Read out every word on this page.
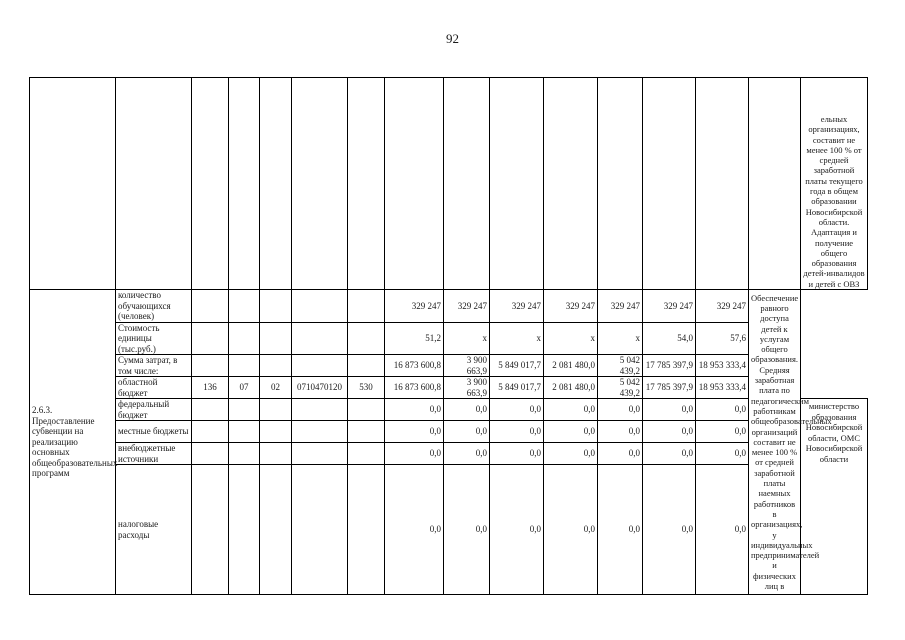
92
															ельных организациях, составит не менее 100 % от средней заработной платы текущего года в общем образовании Новосибирской области. Адаптация и получение общего образования детей-инвалидов и детей с ОВЗ	
2.6.3. Предоставление субвенции на реализацию основных общеобразовательных программ	количество обучающихся (человек)						329 247	329 247	329 247	329 247	329 247	329 247	329 247	Обеспечение равного доступа детей к услугам общего образования. Средняя заработная плата по педагогическим работникам общеобразовательных организаций составит не менее 100 % от средней заработной платы наемных работников в организациях, у индивидуальных предпринимателей и физических лиц в		
	Стоимость единицы (тыс.руб.)						51,2	x	x	x	x	54,0	57,6			
	Сумма затрат, в том числе:						16 873 600,8	3 900 663,9	5 849 017,7	2 081 480,0	5 042 439,2	17 785 397,9	18 953 333,4			
	областной бюджет	136	07	02	0710470120	530	16 873 600,8	3 900 663,9	5 849 017,7	2 081 480,0	5 042 439,2	17 785 397,9	18 953 333,4			
	федеральный бюджет						0,0	0,0	0,0	0,0	0,0	0,0	0,0		министерство образования Новосибирской области, ОМС Новосибирской области	
	местные бюджеты						0,0	0,0	0,0	0,0	0,0	0,0	0,0			
	внебюджетные источники						0,0	0,0	0,0	0,0	0,0	0,0	0,0			
	налоговые расходы						0,0	0,0	0,0	0,0	0,0	0,0	0,0			
